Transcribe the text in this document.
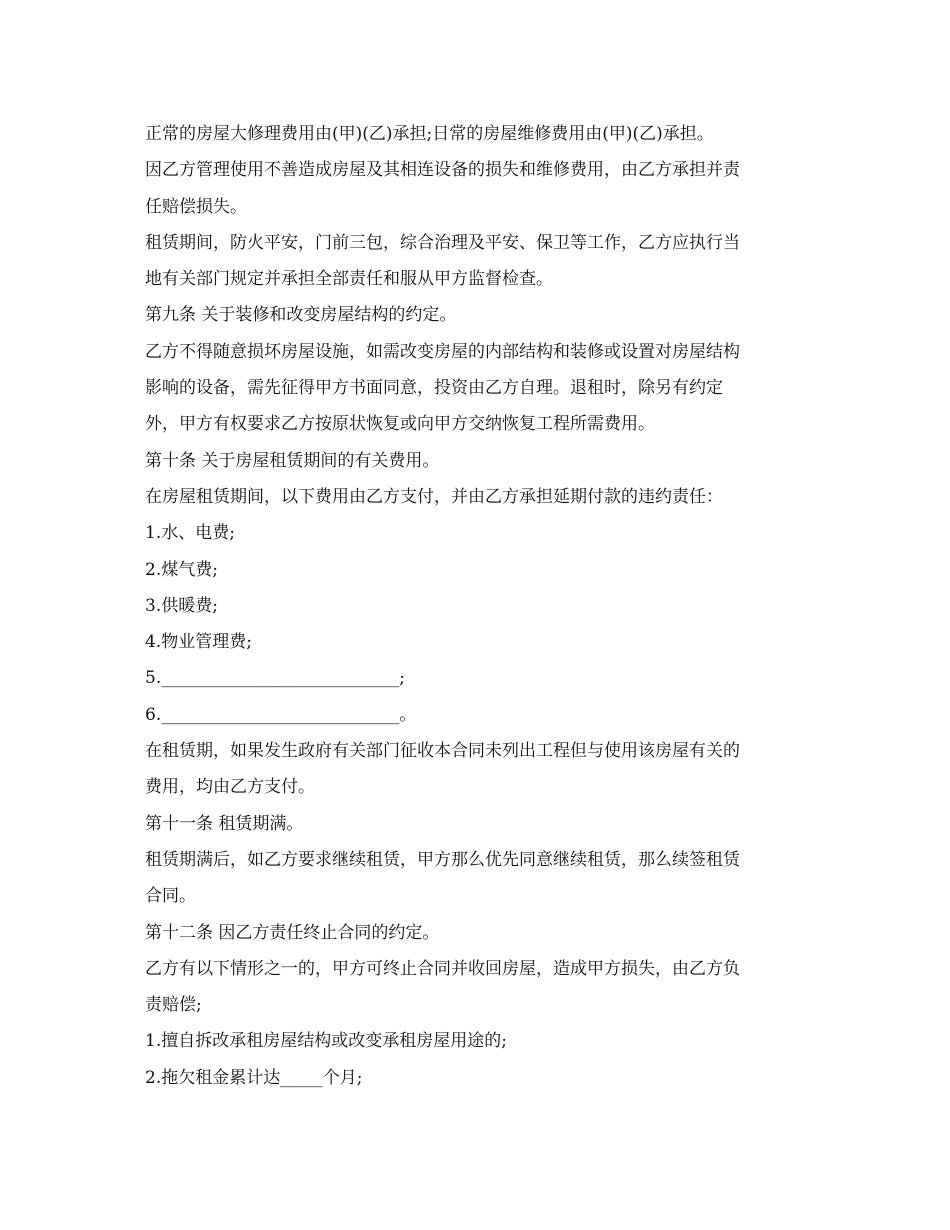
正常的房屋大修理费用由(甲)(乙)承担;日常的房屋维修费用由(甲)(乙)承担。

因乙方管理使用不善造成房屋及其相连设备的损失和维修费用，由乙方承担并责

任赔偿损失。

租赁期间，防火平安，门前三包，综合治理及平安、保卫等工作，乙方应执行当

地有关部门规定并承担全部责任和服从甲方监督检查。

第九条 关于装修和改变房屋结构的约定。

乙方不得随意损坏房屋设施，如需改变房屋的内部结构和装修或设置对房屋结构

影响的设备，需先征得甲方书面同意，投资由乙方自理。退租时，除另有约定

外，甲方有权要求乙方按原状恢复或向甲方交纳恢复工程所需费用。

第十条 关于房屋租赁期间的有关费用。

在房屋租赁期间，以下费用由乙方支付，并由乙方承担延期付款的违约责任：

1.水、电费;

2.煤气费;

3.供暖费;

4.物业管理费;

5.____________________________;

6.____________________________。

在租赁期，如果发生政府有关部门征收本合同未列出工程但与使用该房屋有关的

费用，均由乙方支付。

第十一条 租赁期满。

租赁期满后，如乙方要求继续租赁，甲方那么优先同意继续租赁，那么续签租赁

合同。

第十二条 因乙方责任终止合同的约定。

乙方有以下情形之一的，甲方可终止合同并收回房屋，造成甲方损失，由乙方负

责赔偿;

1.擅自拆改承租房屋结构或改变承租房屋用途的;

2.拖欠租金累计达_____个月;
